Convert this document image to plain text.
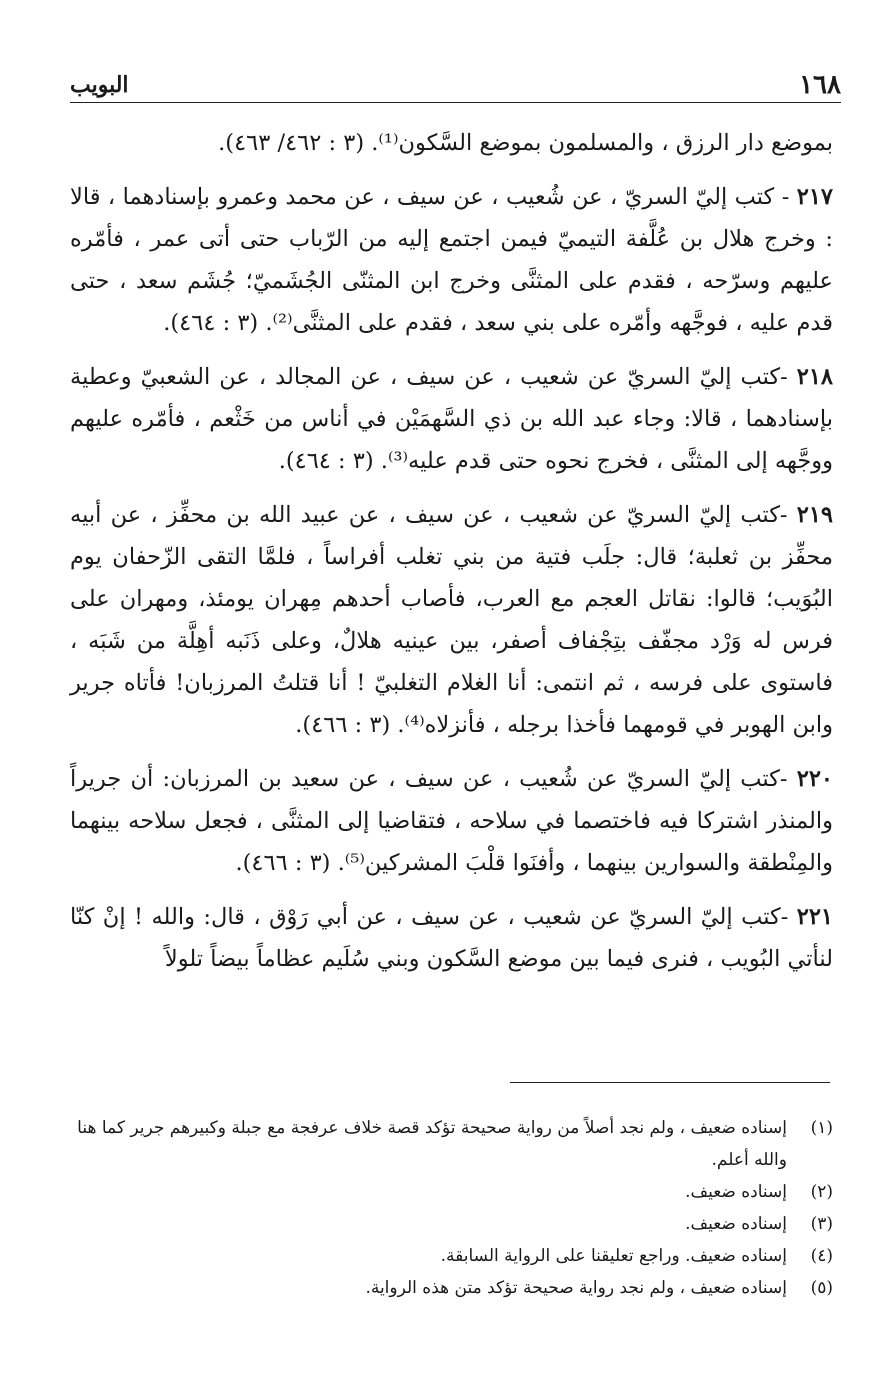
١٦٨
البويب

بموضع دار الرزق ، والمسلمون بموضع السَّكون⁽¹⁾. (٣ : ٤٦٢/ ٤٦٣).

٢١٧ - كتب إليّ السريّ ، عن شُعيب ، عن سيف ، عن محمد وعمرو بإسنادهما ، قالا : وخرج هلال بن عُلَّفة التيميّ فيمن اجتمع إليه من الرّباب حتى أتى عمر ، فأمّره عليهم وسرّحه ، فقدم على المثنَّى وخرج ابن المثنّى الجُشَميّ؛ جُشَم سعد ، حتى قدم عليه ، فوجَّهه وأمّره على بني سعد ، فقدم على المثنَّى⁽²⁾. (٣ : ٤٦٤).

٢١٨ -كتب إليّ السريّ عن شعيب ، عن سيف ، عن المجالد ، عن الشعبيّ وعطية بإسنادهما ، قالا: وجاء عبد الله بن ذي السَّهمَيْن في أناس من خَثْعم ، فأمّره عليهم ووجَّهه إلى المثنَّى ، فخرج نحوه حتى قدم عليه⁽³⁾. (٣ : ٤٦٤).

٢١٩ -كتب إليّ السريّ عن شعيب ، عن سيف ، عن عبيد الله بن محفِّز ، عن أبيه محفِّز بن ثعلبة؛ قال: جلَب فتية من بني تغلب أفراساً ، فلمَّا التقى الزّحفان يوم البُوَيب؛ قالوا: نقاتل العجم مع العرب، فأصاب أحدهم مِهران يومئذ، ومهران على فرس له وَرْد مجفّف بتِجْفاف أصفر، بين عينيه هلالٌ، وعلى ذَنَبه أهِلَّة من شَبَه ، فاستوى على فرسه ، ثم انتمى: أنا الغلام التغلبيّ ! أنا قتلتُ المرزبان! فأتاه جرير وابن الهوبر في قومهما فأخذا برجله ، فأنزلاه⁽⁴⁾. (٣ : ٤٦٦).

٢٢٠ -كتب إليّ السريّ عن شُعيب ، عن سيف ، عن سعيد بن المرزبان: أن جريراً والمنذر اشتركا فيه فاختصما في سلاحه ، فتقاضيا إلى المثنَّى ، فجعل سلاحه بينهما والمِنْطقة والسوارين بينهما ، وأفنَوا قلْبَ المشركين⁽⁵⁾. (٣ : ٤٦٦).

٢٢١ -كتب إليّ السريّ عن شعيب ، عن سيف ، عن أبي رَوْق ، قال: والله ! إنْ كنّا لنأتي البُويب ، فنرى فيما بين موضع السَّكون وبني سُلَيم عظاماً بيضاً تلولاً

(١)
إسناده ضعيف ، ولم نجد أصلاً من رواية صحيحة تؤكد قصة خلاف عرفجة مع جبلة وكبيرهم جرير كما هنا والله أعلم.
(٢)
إسناده ضعيف.
(٣)
إسناده ضعيف.
(٤)
إسناده ضعيف. وراجع تعليقنا على الرواية السابقة.
(٥)
إسناده ضعيف ، ولم نجد رواية صحيحة تؤكد متن هذه الرواية.
